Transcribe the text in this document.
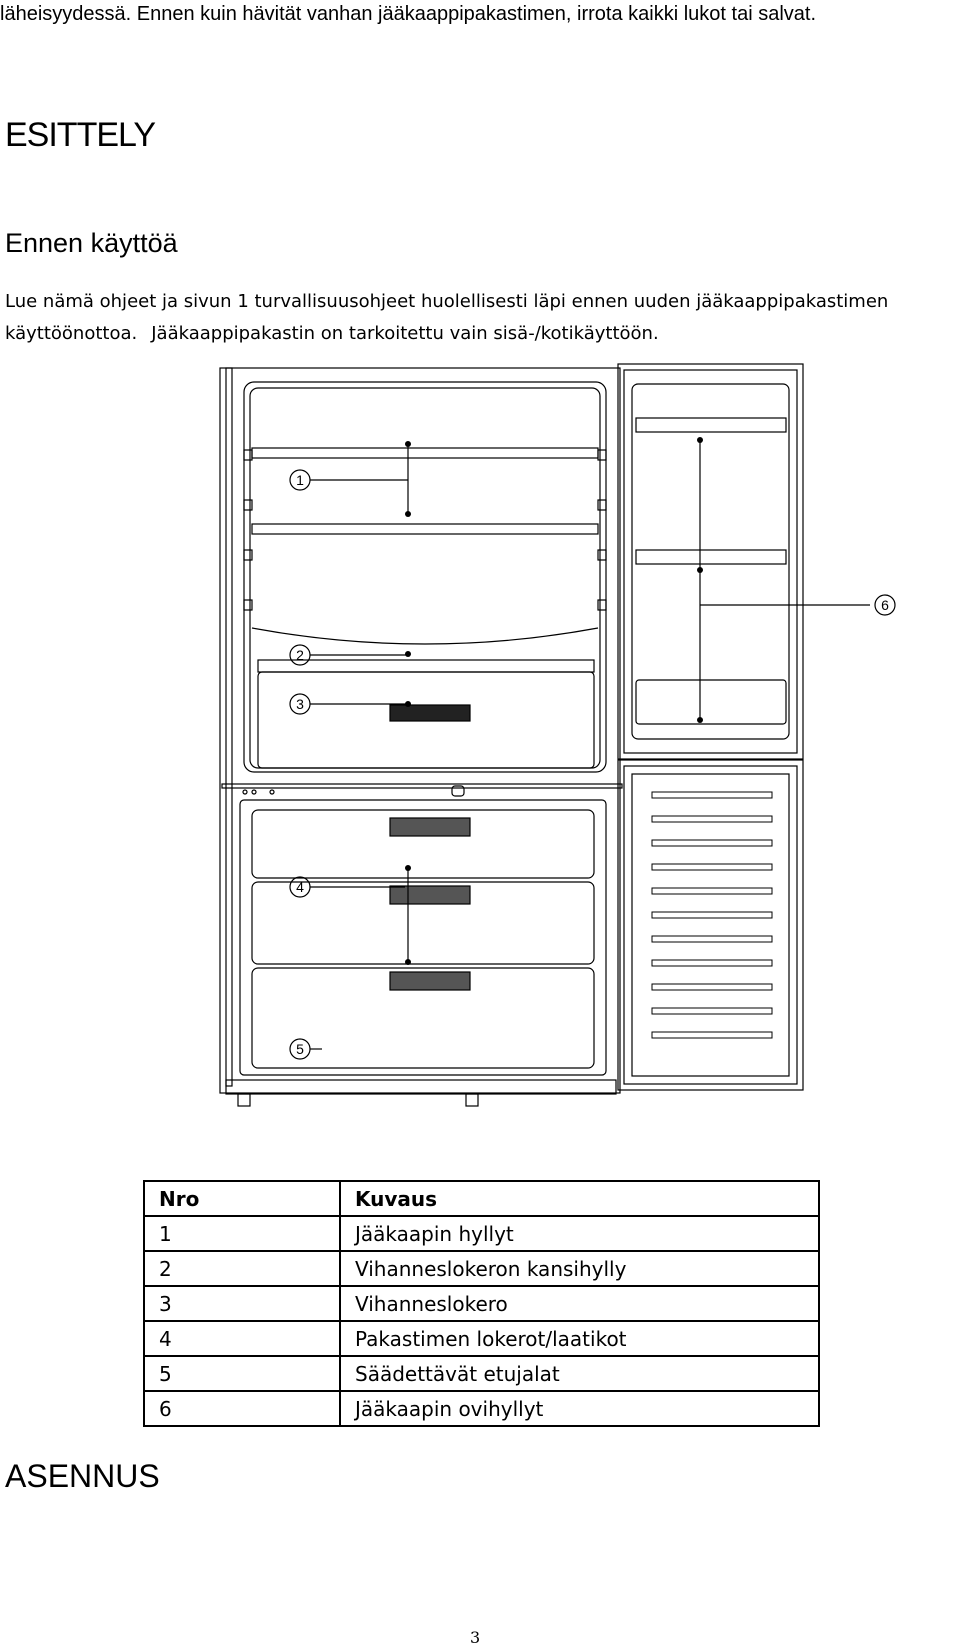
läheisyydessä. Ennen kuin hävität vanhan jääkaappipakastimen, irrota kaikki lukot tai salvat.

ESITTELY
Ennen käyttöä

Lue nämä ohjeet ja sivun 1 turvallisuusohjeet huolellisesti läpi ennen uuden jääkaappipakastimen
käyttöönottoa. Jääkaappipakastin on tarkoitettu vain sisä-/kotikäyttöön.

1
2
3
4
5
6
Nro	Kuvaus
1	Jääkaapin hyllyt
2	Vihanneslokeron kansihylly
3	Vihanneslokero
4	Pakastimen lokerot/laatikot
5	Säädettävät etujalat
6	Jääkaapin ovihyllyt
ASENNUS

3
